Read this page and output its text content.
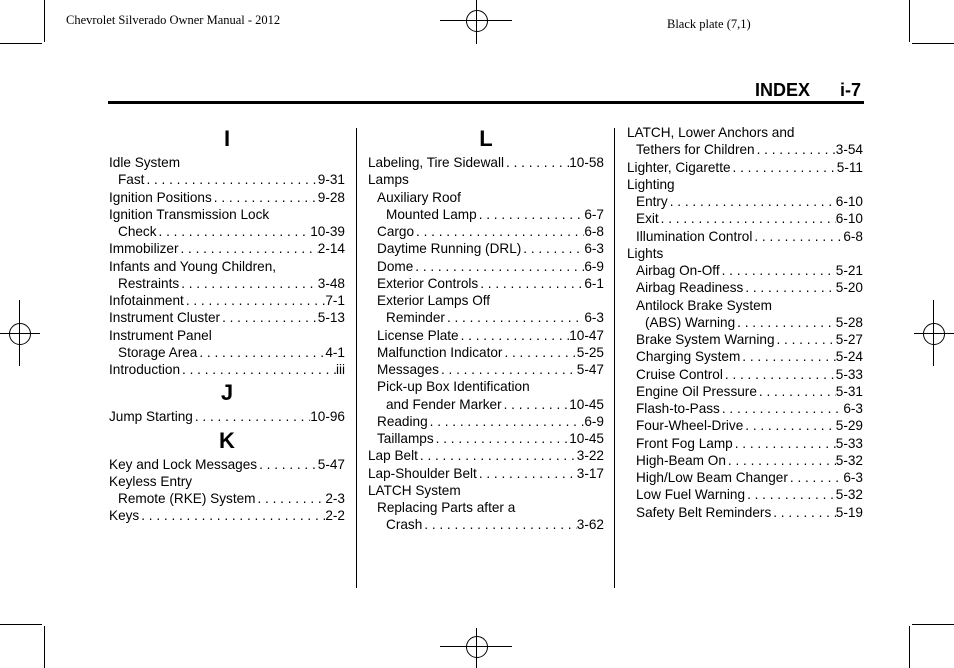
Chevrolet Silverado Owner Manual - 2012	Black plate (7,1)
INDEX i-7
I
Idle System
Fast . . .	9-31
Ignition Positions . . .	9-28
Ignition Transmission Lock
Check . . .	10-39
Immobilizer . . .	2-14
Infants and Young Children,
Restraints . . .	3-48
Infotainment . . .	7-1
Instrument Cluster . . .	5-13
Instrument Panel
Storage Area . . .	4-1
Introduction . . .	iii
J
Jump Starting . . .	10-96
K
Key and Lock Messages . . .	5-47
Keyless Entry
Remote (RKE) System . . .	2-3
Keys . . .	2-2
L
Labeling, Tire Sidewall . . .	10-58
Lamps
Auxiliary Roof
Mounted Lamp . . .	6-7
Cargo . . .	6-8
Daytime Running (DRL) . . .	6-3
Dome . . .	6-9
Exterior Controls . . .	6-1
Exterior Lamps Off
Reminder . . .	6-3
License Plate . . .	10-47
Malfunction Indicator . . .	5-25
Messages . . .	5-47
Pick-up Box Identification
and Fender Marker . . .	10-45
Reading . . .	6-9
Taillamps . . .	10-45
Lap Belt . . .	3-22
Lap-Shoulder Belt . . .	3-17
LATCH System
Replacing Parts after a
Crash . . .	3-62
LATCH, Lower Anchors and
Tethers for Children . . .	3-54
Lighter, Cigarette . . .	5-11
Lighting
Entry . . .	6-10
Exit . . .	6-10
Illumination Control . . .	6-8
Lights
Airbag On-Off . . .	5-21
Airbag Readiness . . .	5-20
Antilock Brake System
(ABS) Warning . . .	5-28
Brake System Warning . . .	5-27
Charging System . . .	5-24
Cruise Control . . .	5-33
Engine Oil Pressure . . .	5-31
Flash-to-Pass . . .	6-3
Four-Wheel-Drive . . .	5-29
Front Fog Lamp . . .	5-33
High-Beam On . . .	5-32
High/Low Beam Changer . . .	6-3
Low Fuel Warning . . .	5-32
Safety Belt Reminders . . .	5-19
